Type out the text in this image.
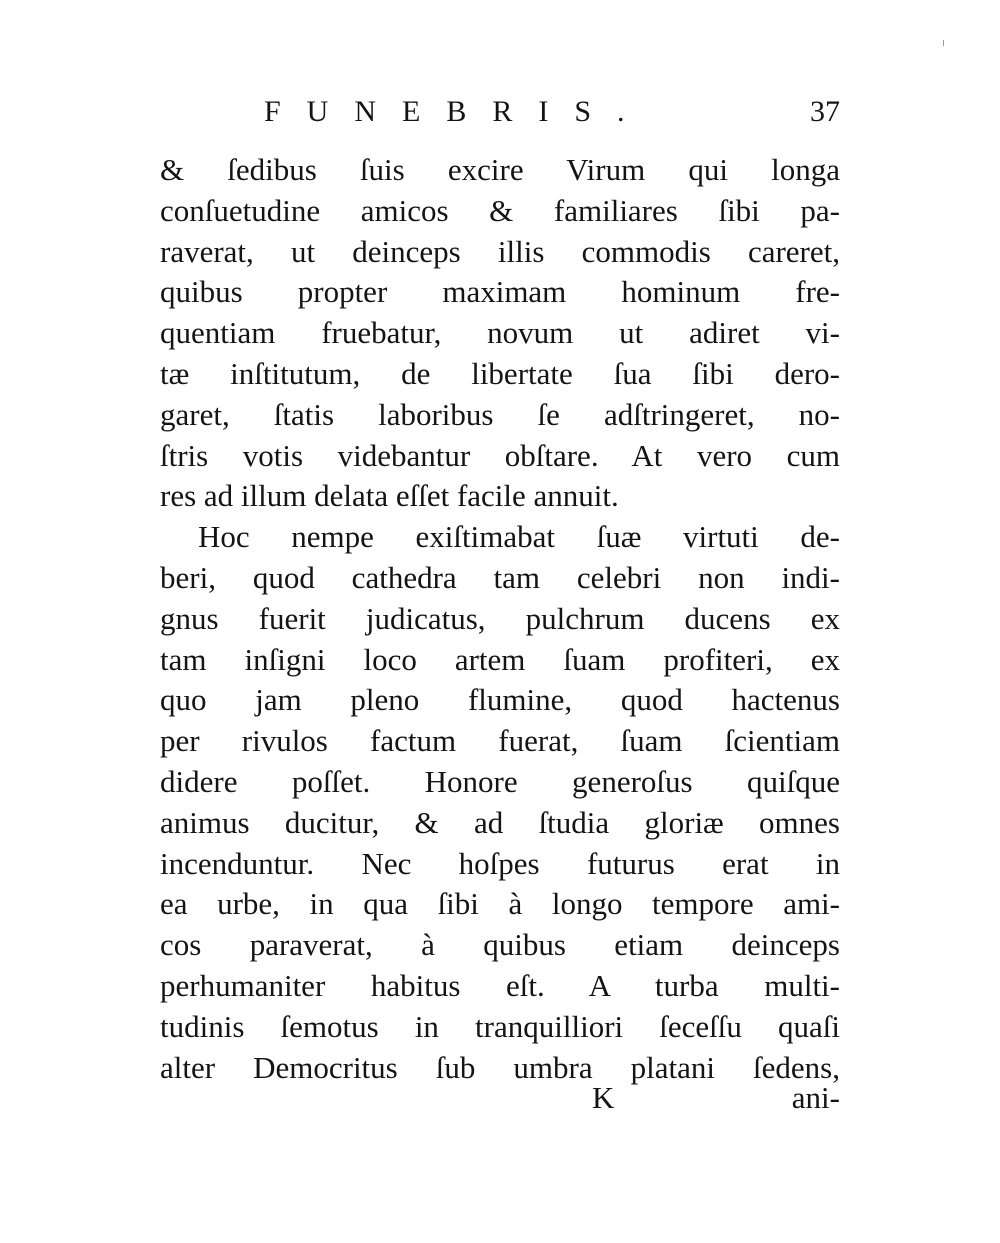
FUNEBRIS.	37
& ſedibus ſuis excire Virum qui longa
conſuetudine amicos & familiares ſibi pa-
raverat, ut deinceps illis commodis careret,
quibus propter maximam hominum fre-
quentiam fruebatur, novum ut adiret vi-
tæ inſtitutum, de libertate ſua ſibi dero-
garet, ſtatis laboribus ſe adſtringeret, no-
ſtris votis videbantur obſtare. At vero cum
res ad illum delata eſſet facile annuit.
Hoc nempe exiſtimabat ſuæ virtuti de-
beri, quod cathedra tam celebri non indi-
gnus fuerit judicatus, pulchrum ducens ex
tam inſigni loco artem ſuam profiteri, ex
quo jam pleno flumine, quod hactenus
per rivulos factum fuerat, ſuam ſcientiam
didere poſſet. Honore generoſus quiſque
animus ducitur, & ad ſtudia gloriæ omnes
incenduntur. Nec hoſpes futurus erat in
ea urbe, in qua ſibi à longo tempore ami-
cos paraverat, à quibus etiam deinceps
perhumaniter habitus eſt. A turba multi-
tudinis ſemotus in tranquilliori ſeceſſu quaſi
alter Democritus ſub umbra platani ſedens,
K	ani-
